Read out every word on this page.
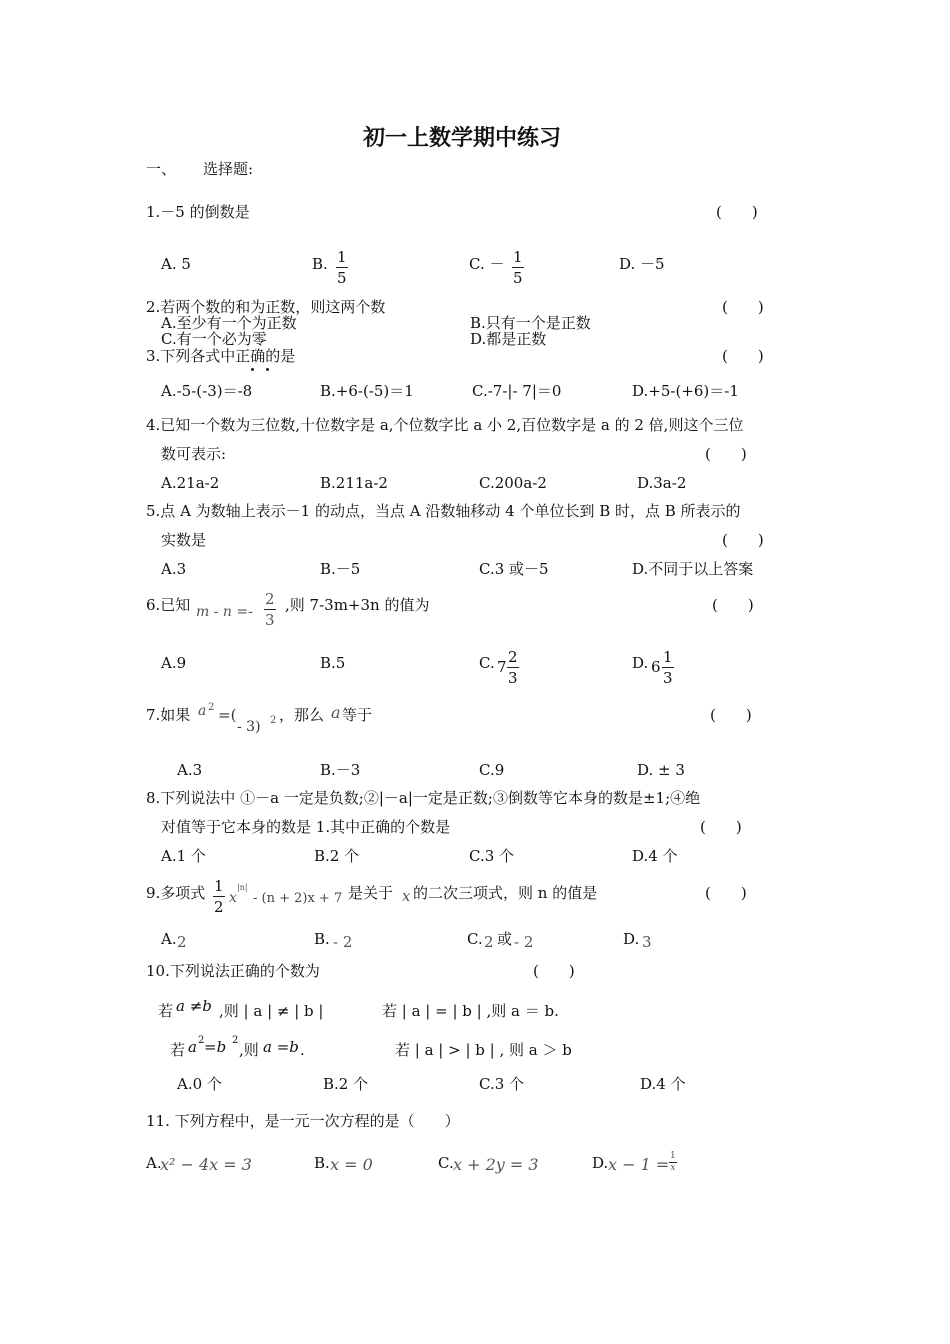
初一上数学期中练习
一、 选择题:
1.－5 的倒数是	(　　)
A. 5	B. $\frac{1}{5}$	C. － $\frac{1}{5}$	D. －5
2.若两个数的和为正数，则这两个数	(　　)
A.至少有一个为正数	B.只有一个是正数
C.有一个必为零	D.都是正数
3.下列各式中正确的是	(　　)
A.-5-(-3)＝-8	B.+6-(-5)＝1	C.-7-|- 7|＝0	D.+5-(+6)＝-1
4.已知一个数为三位数,十位数字是 a,个位数字比 a 小 2,百位数字是 a 的 2 倍,则这个三位
数可表示:	(　　)
A.21a-2	B.211a-2	C.200a-2	D.3a-2
5.点 A 为数轴上表示－1 的动点，当点 A 沿数轴移动 4 个单位长到 B 时，点 B 所表示的
实数是	(　　)
A.3	B.－5	C.3 或－5	D.不同于以上答案
6.已知 $m - n =- \frac{2}{3}$ ,则 7-3m+3n 的值为	(　　)
A.9	B.5	C. $7 \frac{2}{3}$	D. $6 \frac{1}{3}$
7.如果 a 2 =(
- 3) 2 ，那么 a 等于	(　　)
A.3	B.－3	C.9	D. ± 3
8.下列说法中 ①－a 一定是负数;②|－a|一定是正数;③倒数等它本身的数是±1;④绝
对值等于它本身的数是 1.其中正确的个数是	(　　)
A.1 个	B.2 个	C.3 个	D.4 个
9.多项式 $\frac{1}{2}$ x
|n|
- (n + 2)x + 7 是关于 x 的二次三项式，则 n 的值是	(　　)
A. 2	B. - 2	C. 2 或 - 2	D. 3
10.下列说法正确的个数为	(　　)
若 a ≠b ,则 | a | ≠ | b |	若 | a | = | b | ,则 a ＝ b.
若 a 2 =b 2
,则 a =b .	若 | a | > | b | , 则 a ＞ b
A.0 个	B.2 个	C.3 个	D.4 个
11. 下列方程中，是一元一次方程的是（　　）
A.
x² − 4x = 3	B. x = 0	C. x + 2y = 3	D. $x - 1 = \frac{1}{x}$
